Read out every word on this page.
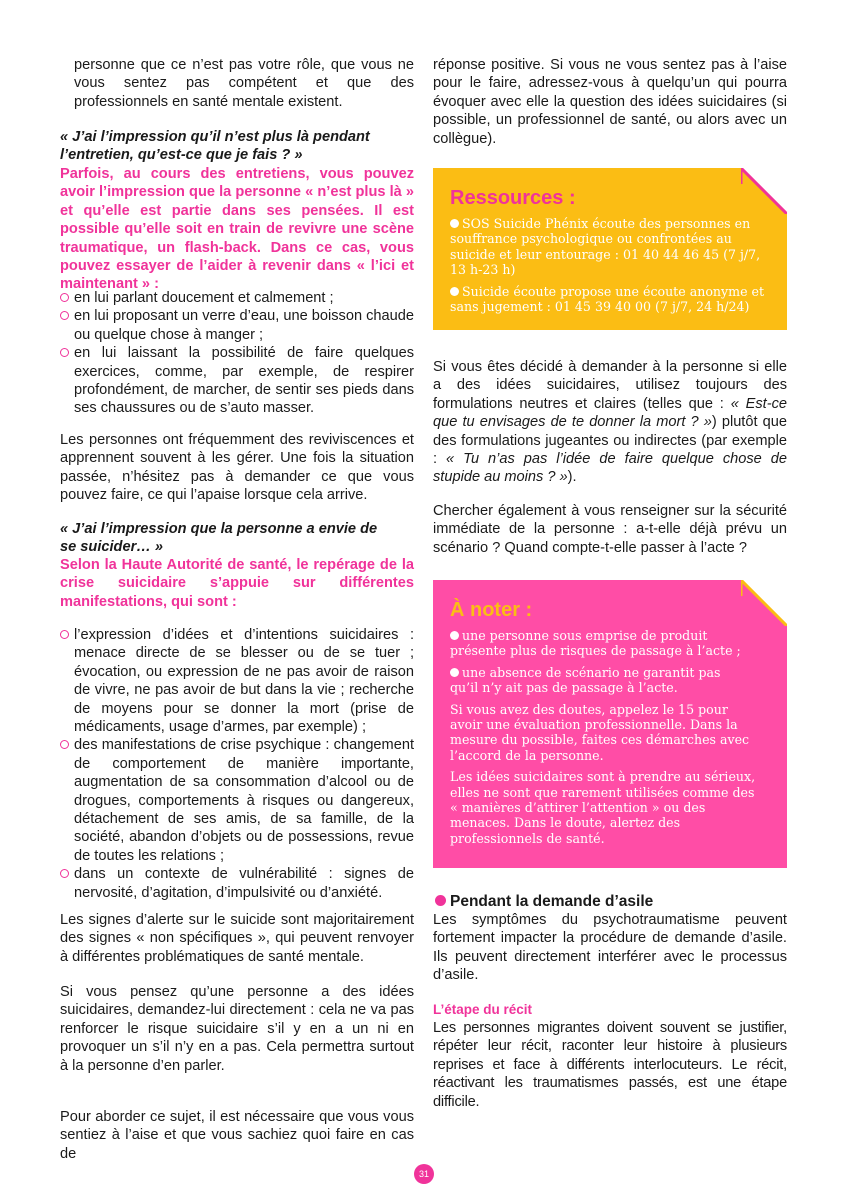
personne que ce n’est pas votre rôle, que vous ne vous sentez pas compétent et que des professionnels en santé mentale existent.

« J’ai l’impression qu’il n’est plus là pendant l’entretien, qu’est-ce que je fais ? »

Parfois, au cours des entretiens, vous pouvez avoir l’impression que la personne « n’est plus là » et qu’elle est partie dans ses pensées. Il est possible qu’elle soit en train de revivre une scène traumatique, un flash-back. Dans ce cas, vous pouvez essayer de l’aider à revenir dans « l’ici et maintenant » :

en lui parlant doucement et calmement ;
en lui proposant un verre d’eau, une boisson chaude ou quelque chose à manger ;
en lui laissant la possibilité de faire quelques exercices, comme, par exemple, de respirer profondément, de marcher, de sentir ses pieds dans ses chaussures ou de s’auto masser.

Les personnes ont fréquemment des reviviscences et apprennent souvent à les gérer. Une fois la situation passée, n’hésitez pas à demander ce que vous pouvez faire, ce qui l’apaise lorsque cela arrive.

« J’ai l’impression que la personne a envie de se suicider… »

Selon la Haute Autorité de santé, le repérage de la crise suicidaire s’appuie sur différentes manifestations, qui sont :

l’expression d’idées et d’intentions suicidaires : menace directe de se blesser ou de se tuer ; évocation, ou expression de ne pas avoir de raison de vivre, ne pas avoir de but dans la vie ; recherche de moyens pour se donner la mort (prise de médicaments, usage d’armes, par exemple) ;
des manifestations de crise psychique : changement de comportement de manière importante, augmentation de sa consommation d’alcool ou de drogues, comportements à risques ou dangereux, détachement de ses amis, de sa famille, de la société, abandon d’objets ou de possessions, revue de toutes les relations ;
dans un contexte de vulnérabilité : signes de nervosité, d’agitation, d’impulsivité ou d’anxiété.

Les signes d’alerte sur le suicide sont majoritairement des signes « non spécifiques », qui peuvent renvoyer à différentes problématiques de santé mentale.

Si vous pensez qu’une personne a des idées suicidaires, demandez-lui directement : cela ne va pas renforcer le risque suicidaire s’il y en a un ni en provoquer un s’il n’y en a pas. Cela permettra surtout à la personne d’en parler.

Pour aborder ce sujet, il est nécessaire que vous vous sentiez à l’aise et que vous sachiez quoi faire en cas de

réponse positive. Si vous ne vous sentez pas à l’aise pour le faire, adressez-vous à quelqu’un qui pourra évoquer avec elle la question des idées suicidaires (si possible, un professionnel de santé, ou alors avec un collègue).

Ressources :
SOS Suicide Phénix écoute des personnes en souffrance psychologique ou confrontées au suicide et leur entourage : 01 40 44 46 45 (7 j/7, 13 h-23 h)
Suicide écoute propose une écoute anonyme et sans jugement : 01 45 39 40 00 (7 j/7, 24 h/24)

Si vous êtes décidé à demander à la personne si elle a des idées suicidaires, utilisez toujours des formulations neutres et claires (telles que : « Est-ce que tu envisages de te donner la mort ? ») plutôt que des formulations jugeantes ou indirectes (par exemple : « Tu n’as pas l’idée de faire quelque chose de stupide au moins ? »).

Chercher également à vous renseigner sur la sécurité immédiate de la personne : a-t-elle déjà prévu un scénario ? Quand compte-t-elle passer à l’acte ?

À noter :
une personne sous emprise de produit présente plus de risques de passage à l’acte ;
une absence de scénario ne garantit pas qu’il n’y ait pas de passage à l’acte.
Si vous avez des doutes, appelez le 15 pour avoir une évaluation professionnelle. Dans la mesure du possible, faites ces démarches avec l’accord de la personne.
Les idées suicidaires sont à prendre au sérieux, elles ne sont que rarement utilisées comme des « manières d’attirer l’attention » ou des menaces. Dans le doute, alertez des professionnels de santé.
Pendant la demande d’asile

Les symptômes du psychotraumatisme peuvent fortement impacter la procédure de demande d’asile. Ils peuvent directement interférer avec le processus d’asile.

L’étape du récit

Les personnes migrantes doivent souvent se justifier, répéter leur récit, raconter leur histoire à plusieurs reprises et face à différents interlocuteurs. Le récit, réactivant les traumatismes passés, est une étape difficile.

31
